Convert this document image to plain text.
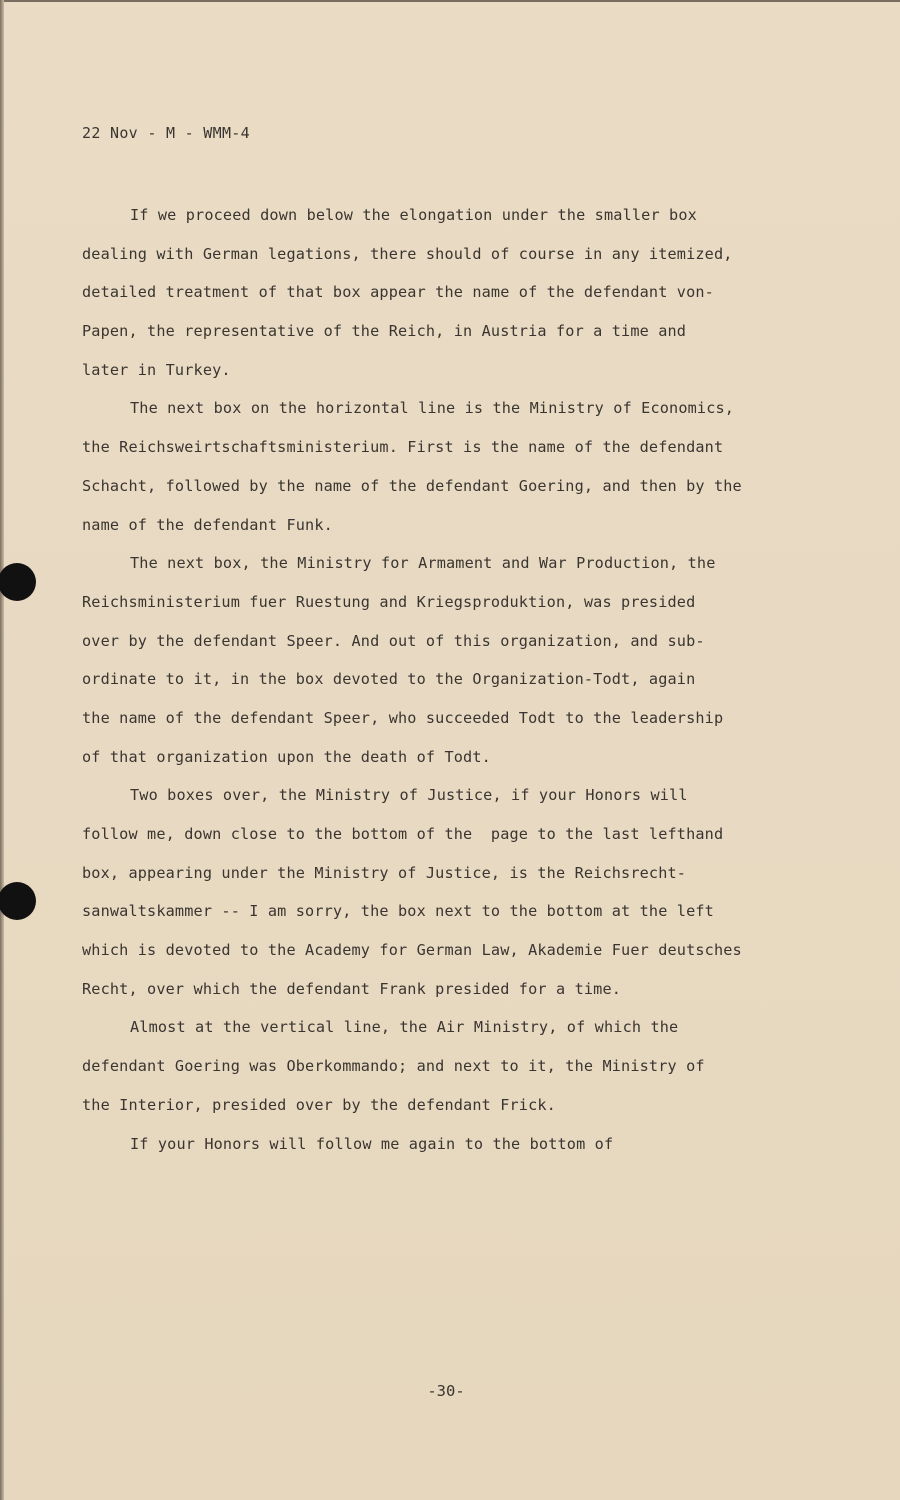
22 Nov - M - WMM-4
If we proceed down below the elongation under the smaller box
dealing with German legations, there should of course in any itemized,
detailed treatment of that box appear the name of the defendant von-
Papen, the representative of the Reich, in Austria for a time and
later in Turkey.
The next box on the horizontal line is the Ministry of Economics,
the Reichsweirtschaftsministerium. First is the name of the defendant
Schacht, followed by the name of the defendant Goering, and then by the
name of the defendant Funk.
The next box, the Ministry for Armament and War Production, the
Reichsministerium fuer Ruestung and Kriegsproduktion, was presided
over by the defendant Speer. And out of this organization, and sub-
ordinate to it, in the box devoted to the Organization-Todt, again
the name of the defendant Speer, who succeeded Todt to the leadership
of that organization upon the death of Todt.
Two boxes over, the Ministry of Justice, if your Honors will
follow me, down close to the bottom of the  page to the last lefthand
box, appearing under the Ministry of Justice, is the Reichsrecht-
sanwaltskammer -- I am sorry, the box next to the bottom at the left
which is devoted to the Academy for German Law, Akademie Fuer deutsches
Recht, over which the defendant Frank presided for a time.
Almost at the vertical line, the Air Ministry, of which the
defendant Goering was Oberkommando; and next to it, the Ministry of
the Interior, presided over by the defendant Frick.
If your Honors will follow me again to the bottom of
-30-
